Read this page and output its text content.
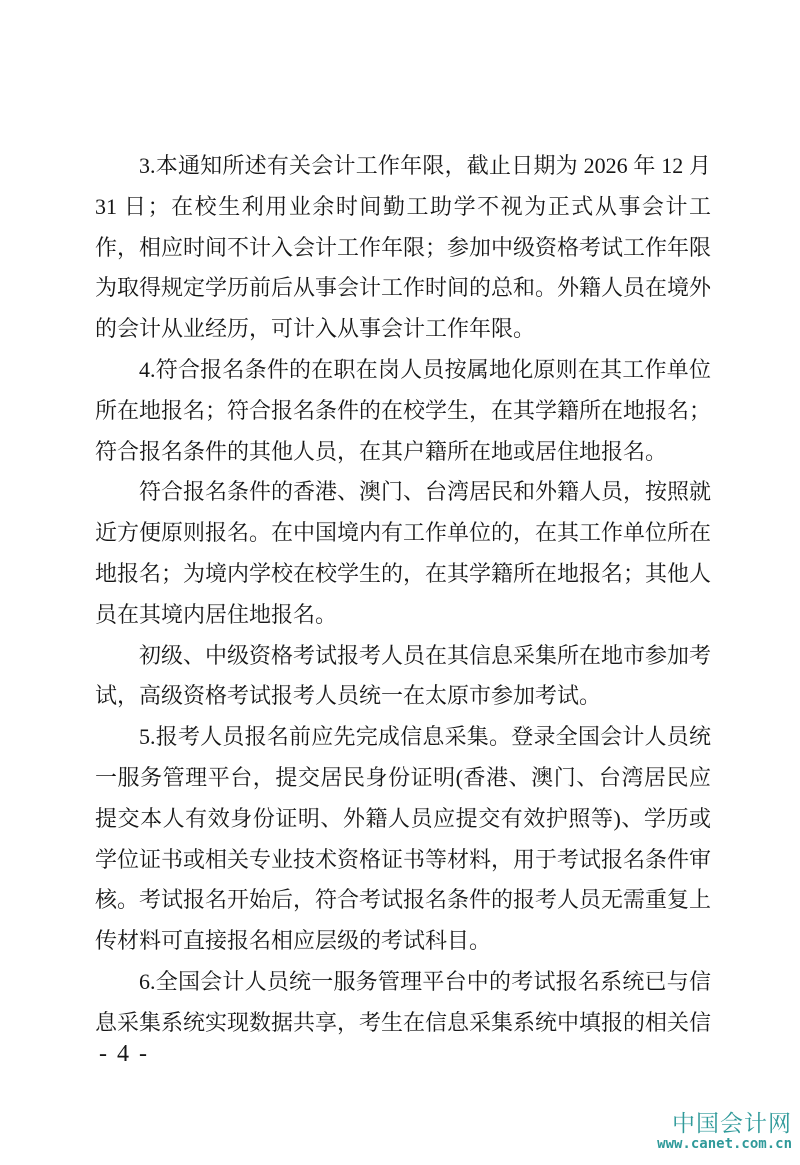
3.本通知所述有关会计工作年限，截止日期为 2026 年 12 月 31 日；在校生利用业余时间勤工助学不视为正式从事会计工作，相应时间不计入会计工作年限；参加中级资格考试工作年限为取得规定学历前后从事会计工作时间的总和。外籍人员在境外的会计从业经历，可计入从事会计工作年限。

4.符合报名条件的在职在岗人员按属地化原则在其工作单位所在地报名；符合报名条件的在校学生，在其学籍所在地报名；符合报名条件的其他人员，在其户籍所在地或居住地报名。

符合报名条件的香港、澳门、台湾居民和外籍人员，按照就近方便原则报名。在中国境内有工作单位的，在其工作单位所在地报名；为境内学校在校学生的，在其学籍所在地报名；其他人员在其境内居住地报名。

初级、中级资格考试报考人员在其信息采集所在地市参加考试，高级资格考试报考人员统一在太原市参加考试。

5.报考人员报名前应先完成信息采集。登录全国会计人员统一服务管理平台，提交居民身份证明(香港、澳门、台湾居民应提交本人有效身份证明、外籍人员应提交有效护照等)、学历或学位证书或相关专业技术资格证书等材料，用于考试报名条件审核。考试报名开始后，符合考试报名条件的报考人员无需重复上传材料可直接报名相应层级的考试科目。

6.全国会计人员统一服务管理平台中的考试报名系统已与信息采集系统实现数据共享，考生在信息采集系统中填报的相关信

- 4 -
中国会计网
www.canet.com.cn
